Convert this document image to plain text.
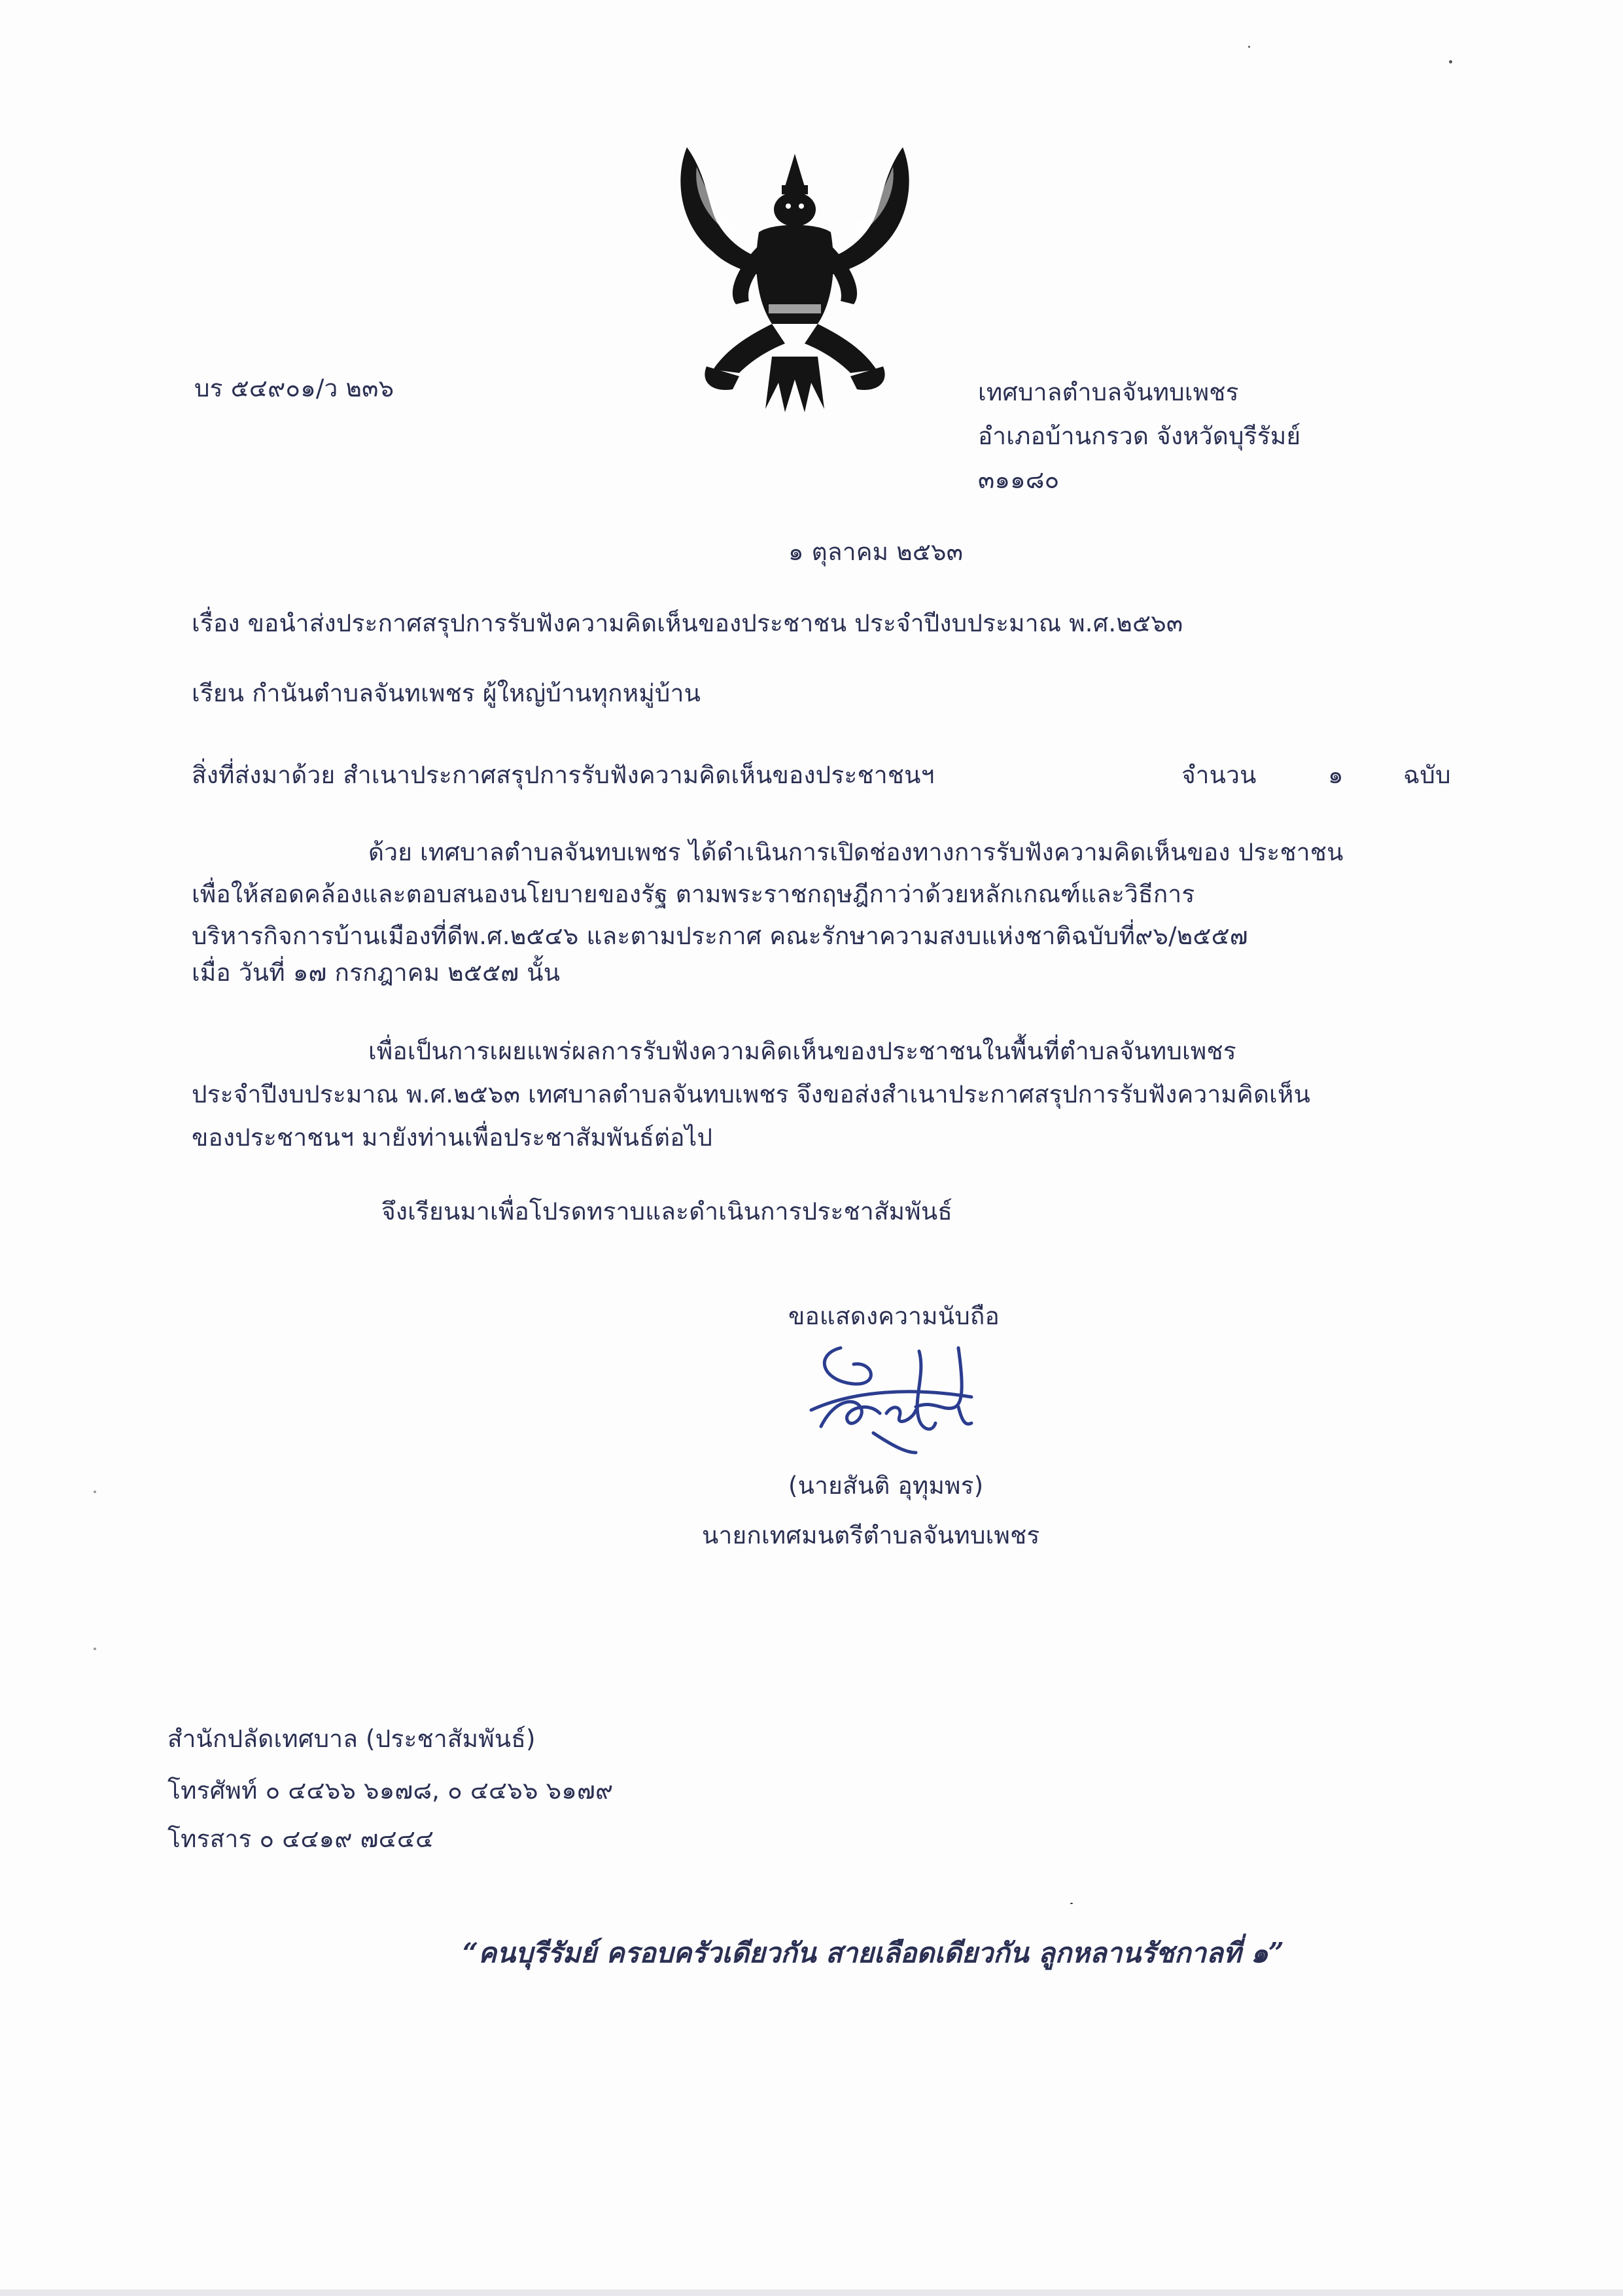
บร ๕๔๙๐๑/ว ๒๓๖	เทศบาลตำบลจันทบเพชร
อำเภอบ้านกรวด จังหวัดบุรีรัมย์
๓๑๑๘๐
๑ ตุลาคม ๒๕๖๓
เรื่อง ขอนำส่งประกาศสรุปการรับฟังความคิดเห็นของประชาชน ประจำปีงบประมาณ พ.ศ.๒๕๖๓
เรียน กำนันตำบลจันทเพชร ผู้ใหญ่บ้านทุกหมู่บ้าน
สิ่งที่ส่งมาด้วย สำเนาประกาศสรุปการรับฟังความคิดเห็นของประชาชนฯ	จำนวน	๑ ฉบับ
ด้วย เทศบาลตำบลจันทบเพชร ได้ดำเนินการเปิดช่องทางการรับฟังความคิดเห็นของ ประชาชน
เพื่อให้สอดคล้องและตอบสนองนโยบายของรัฐ ตามพระราชกฤษฎีกาว่าด้วยหลักเกณฑ์และวิธีการ
บริหารกิจการบ้านเมืองที่ดีพ.ศ.๒๕๔๖ และตามประกาศ คณะรักษาความสงบแห่งชาติฉบับที่๙๖/๒๕๕๗
เมื่อ วันที่ ๑๗ กรกฎาคม ๒๕๕๗ นั้น
เพื่อเป็นการเผยแพร่ผลการรับฟังความคิดเห็นของประชาชนในพื้นที่ตำบลจันทบเพชร
ประจำปีงบประมาณ พ.ศ.๒๕๖๓ เทศบาลตำบลจันทบเพชร จึงขอส่งสำเนาประกาศสรุปการรับฟังความคิดเห็น
ของประชาชนฯ มายังท่านเพื่อประชาสัมพันธ์ต่อไป
จึงเรียนมาเพื่อโปรดทราบและดำเนินการประชาสัมพันธ์
ขอแสดงความนับถือ
(นายสันติ อุทุมพร)
นายกเทศมนตรีตำบลจันทบเพชร
สำนักปลัดเทศบาล (ประชาสัมพันธ์)
โทรศัพท์ ๐ ๔๔๖๖ ๖๑๗๘, ๐ ๔๔๖๖ ๖๑๗๙
โทรสาร ๐ ๔๔๑๙ ๗๔๔๔
“คนบุรีรัมย์ ครอบครัวเดียวกัน สายเลือดเดียวกัน ลูกหลานรัชกาลที่ ๑”
